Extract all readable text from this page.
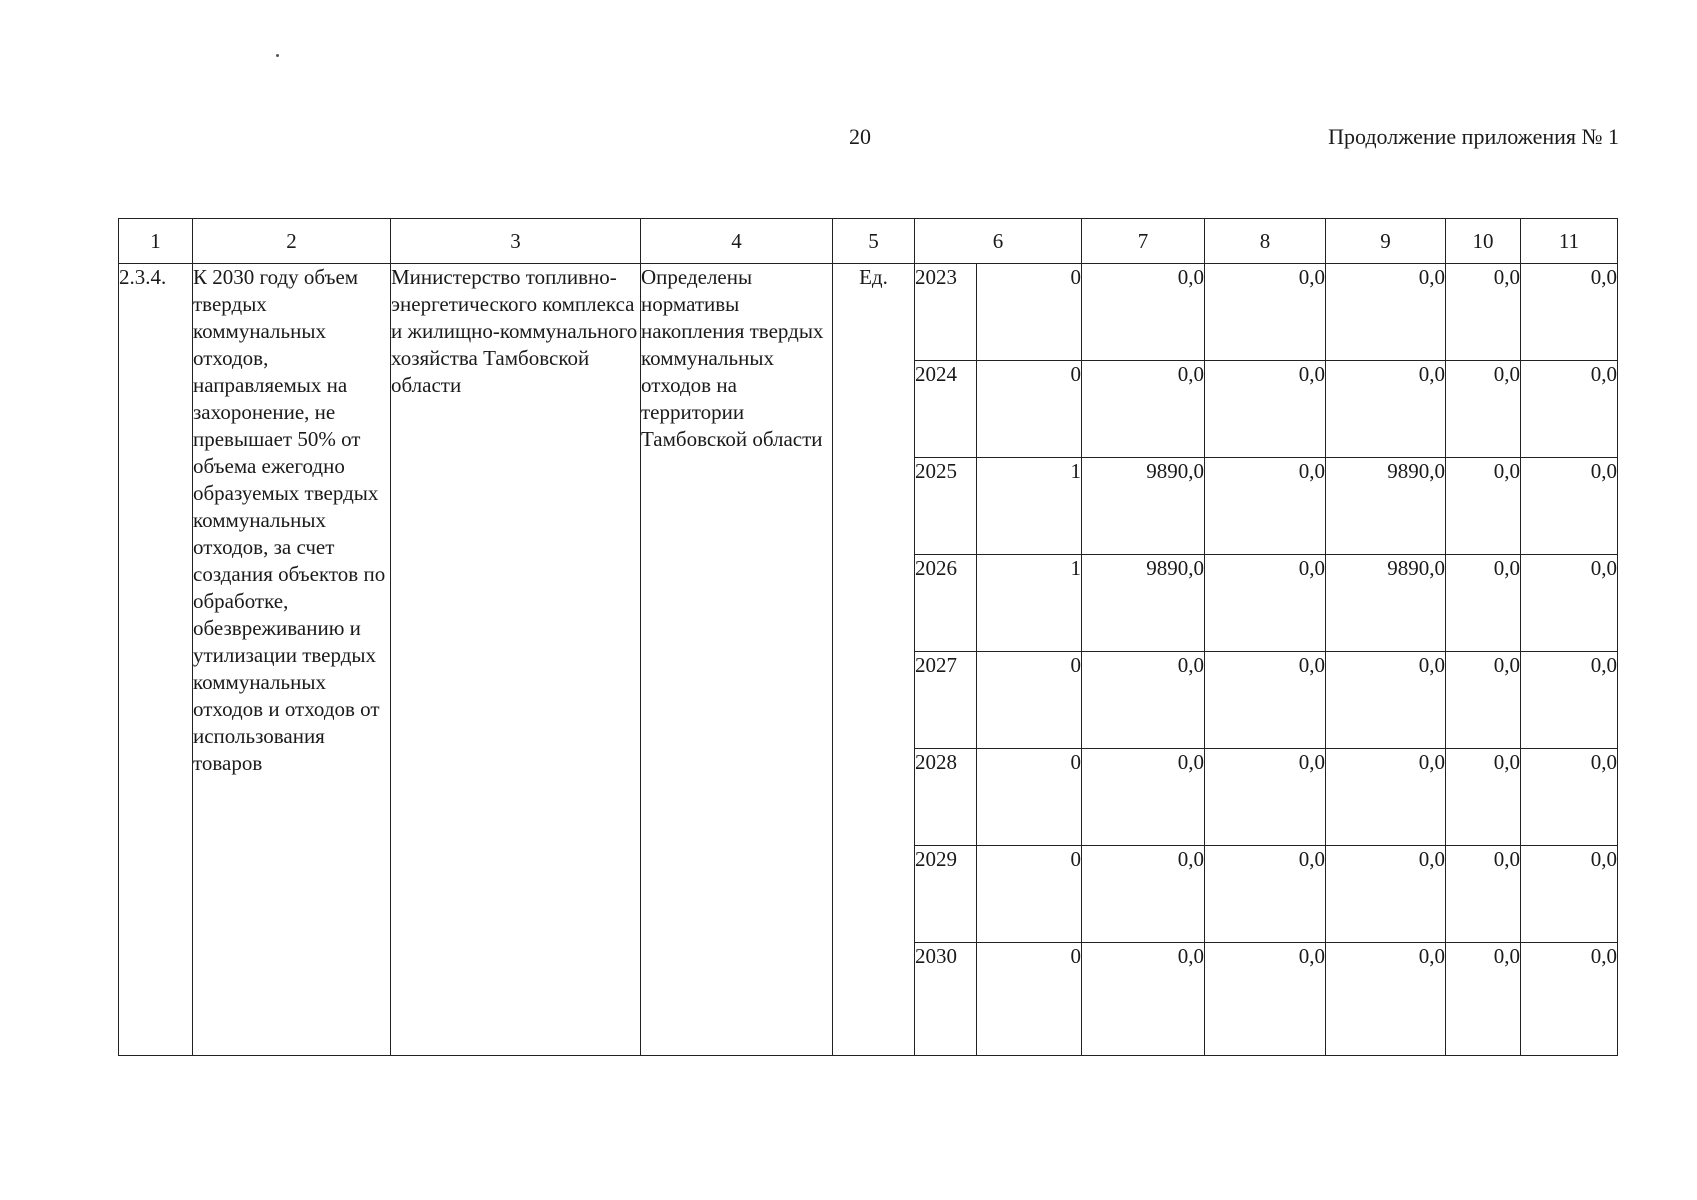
20	Продолжение приложения № 1
1	2	3	4	5	6		7	8	9	10	11
2.3.4.	К 2030 году объем твердых коммунальных отходов, направляемых на захоронение, не превышает 50% от объема ежегодно образуемых твердых коммунальных отходов, за счет создания объектов по обработке, обезвреживанию и утилизации твердых коммунальных отходов и отходов от использования товаров	Министерство топливно-энергетического комплекса и жилищно-коммунального хозяйства Тамбовской области	Определены нормативы накопления твердых коммунальных отходов на территории Тамбовской области	Ед.	2023	0	0,0	0,0	0,0	0,0	0,0
					2024	0	0,0	0,0	0,0	0,0	0,0
					2025	1	9890,0	0,0	9890,0	0,0	0,0
					2026	1	9890,0	0,0	9890,0	0,0	0,0
					2027	0	0,0	0,0	0,0	0,0	0,0
					2028	0	0,0	0,0	0,0	0,0	0,0
					2029	0	0,0	0,0	0,0	0,0	0,0
					2030	0	0,0	0,0	0,0	0,0	0,0
